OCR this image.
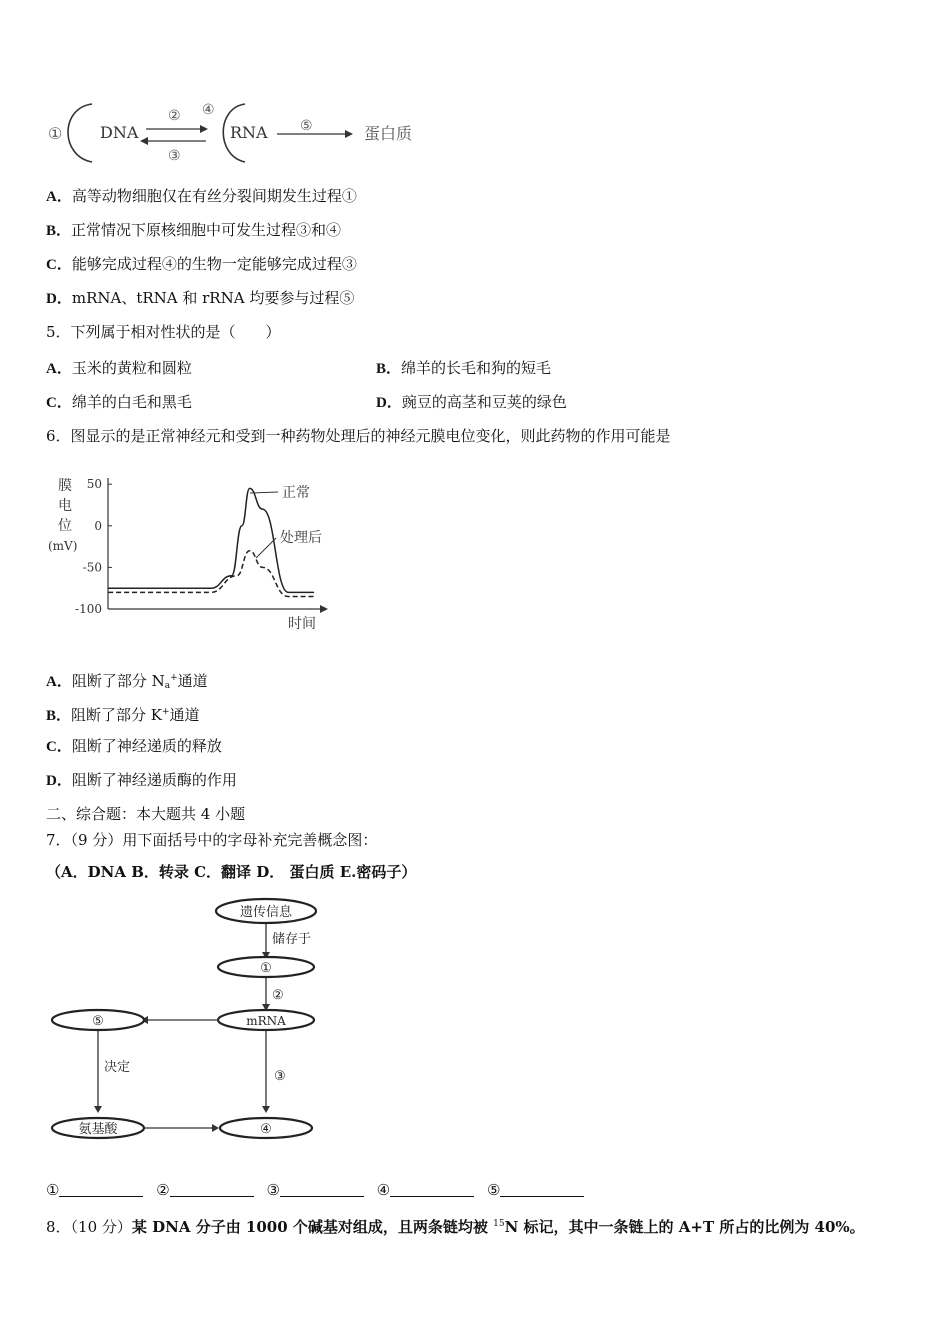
① DNA
②
③
④
RNA ⑤	蛋白质
A．高等动物细胞仅在有丝分裂间期发生过程①
B．正常情况下原核细胞中可发生过程③和④
C．能够完成过程④的生物一定能够完成过程③
D．mRNA、tRNA 和 rRNA 均要参与过程⑤
5．下列属于相对性状的是（　　）
A．玉米的黄粒和圆粒	B．绵羊的长毛和狗的短毛
C．绵羊的白毛和黑毛	D．豌豆的高茎和豆荚的绿色
6．图显示的是正常神经元和受到一种药物处理后的神经元膜电位变化，则此药物的作用可能是
膜
电
位
(mV)
50
0
-50
-100
正常
处理后
时间
A．阻断了部分 Na+通道
B．阻断了部分 K+通道
C．阻断了神经递质的释放
D．阻断了神经递质酶的作用
二、综合题：本大题共 4 小题
7．（9 分）用下面括号中的字母补充完善概念图：
（A．DNA B．转录 C．翻译 D． 蛋白质 E.密码子）
遗传信息
储存于
①
②
mRNA
⑤
决定
③
氨基酸	④
①	②	③	④	⑤
8．（10 分）某 DNA 分子由 1000 个碱基对组成，且两条链均被 $^{15}$N 标记，其中一条链上的 A+T 所占的比例为 40%。
